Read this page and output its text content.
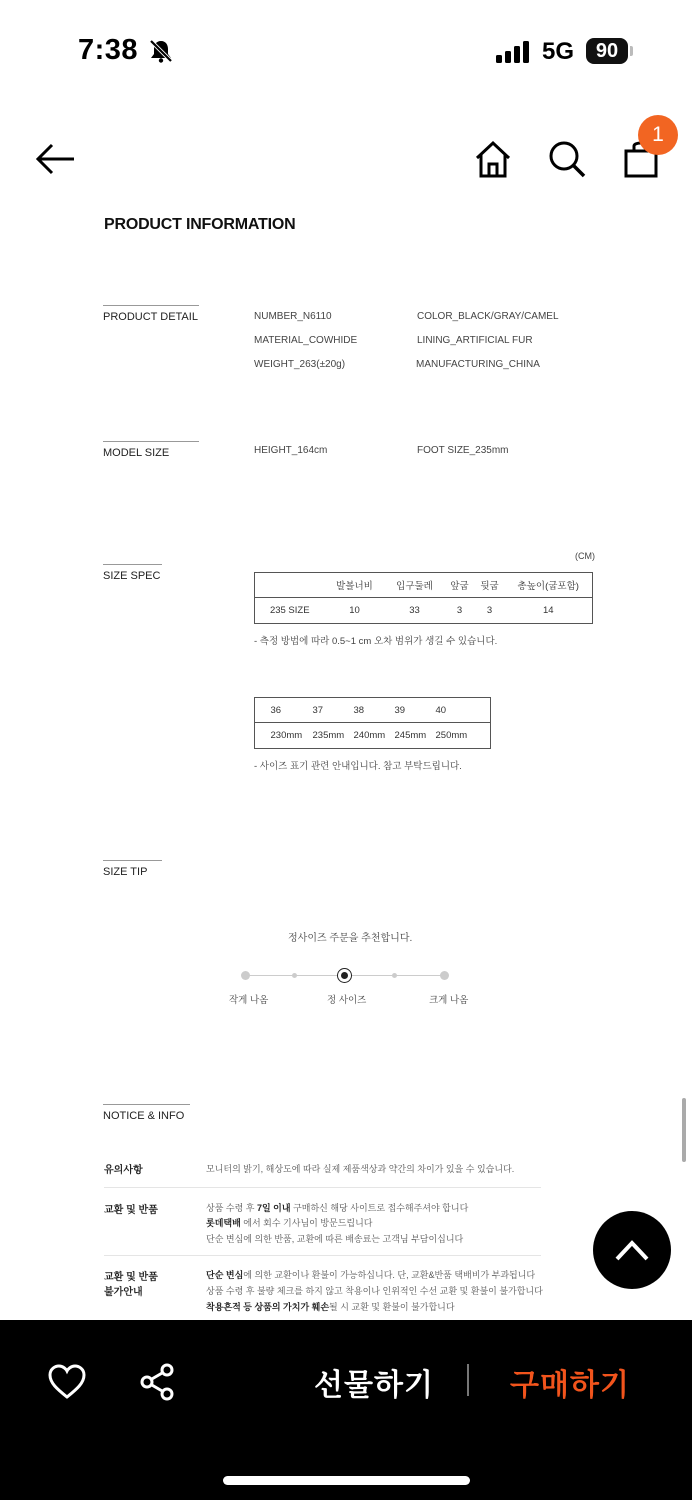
7:38	5G	90
1
PRODUCT INFORMATION
PRODUCT DETAIL	NUMBER_N6110	COLOR_BLACK/GRAY/CAMEL
MATERIAL_COWHIDE	LINING_ARTIFICIAL FUR
WEIGHT_263(±20g)	MANUFACTURING_CHINA
MODEL SIZE	HEIGHT_164cm	FOOT SIZE_235mm
SIZE SPEC
(CM)
	발볼너비	입구둘레	앞굽	뒷굽	총높이(굽포함)
235 SIZE	10	33	3	3	14
- 측정 방법에 따라 0.5~1 cm 오차 범위가 생길 수 있습니다.
	36	37	38	39	40
	230mm	235mm	240mm	245mm	250mm
- 사이즈 표기 관련 안내입니다. 참고 부탁드립니다.
SIZE TIP
정사이즈 주문을 추천합니다.
작게 나옴	정 사이즈	크게 나옴
NOTICE & INFO
유의사항	모니터의 밝기, 해상도에 따라 실제 제품색상과 약간의 차이가 있을 수 있습니다.
교환 및 반품	상품 수령 후 7일 이내 구매하신 해당 사이트로 접수해주셔야 합니다
롯데택배 에서 회수 기사님이 방문드립니다
단순 변심에 의한 반품, 교환에 따른 배송료는 고객님 부담이십니다
교환 및 반품
불가안내
단순 변심에 의한 교환이나 환불이 가능하십니다. 단, 교환&반품 택배비가 부과됩니다
상품 수령 후 불량 체크를 하지 않고 착용이나 인위적인 수선 교환 및 환불이 불가합니다
착용흔적 등 상품의 가치가 훼손될 시 교환 및 환불이 불가합니다
선물하기	구매하기
